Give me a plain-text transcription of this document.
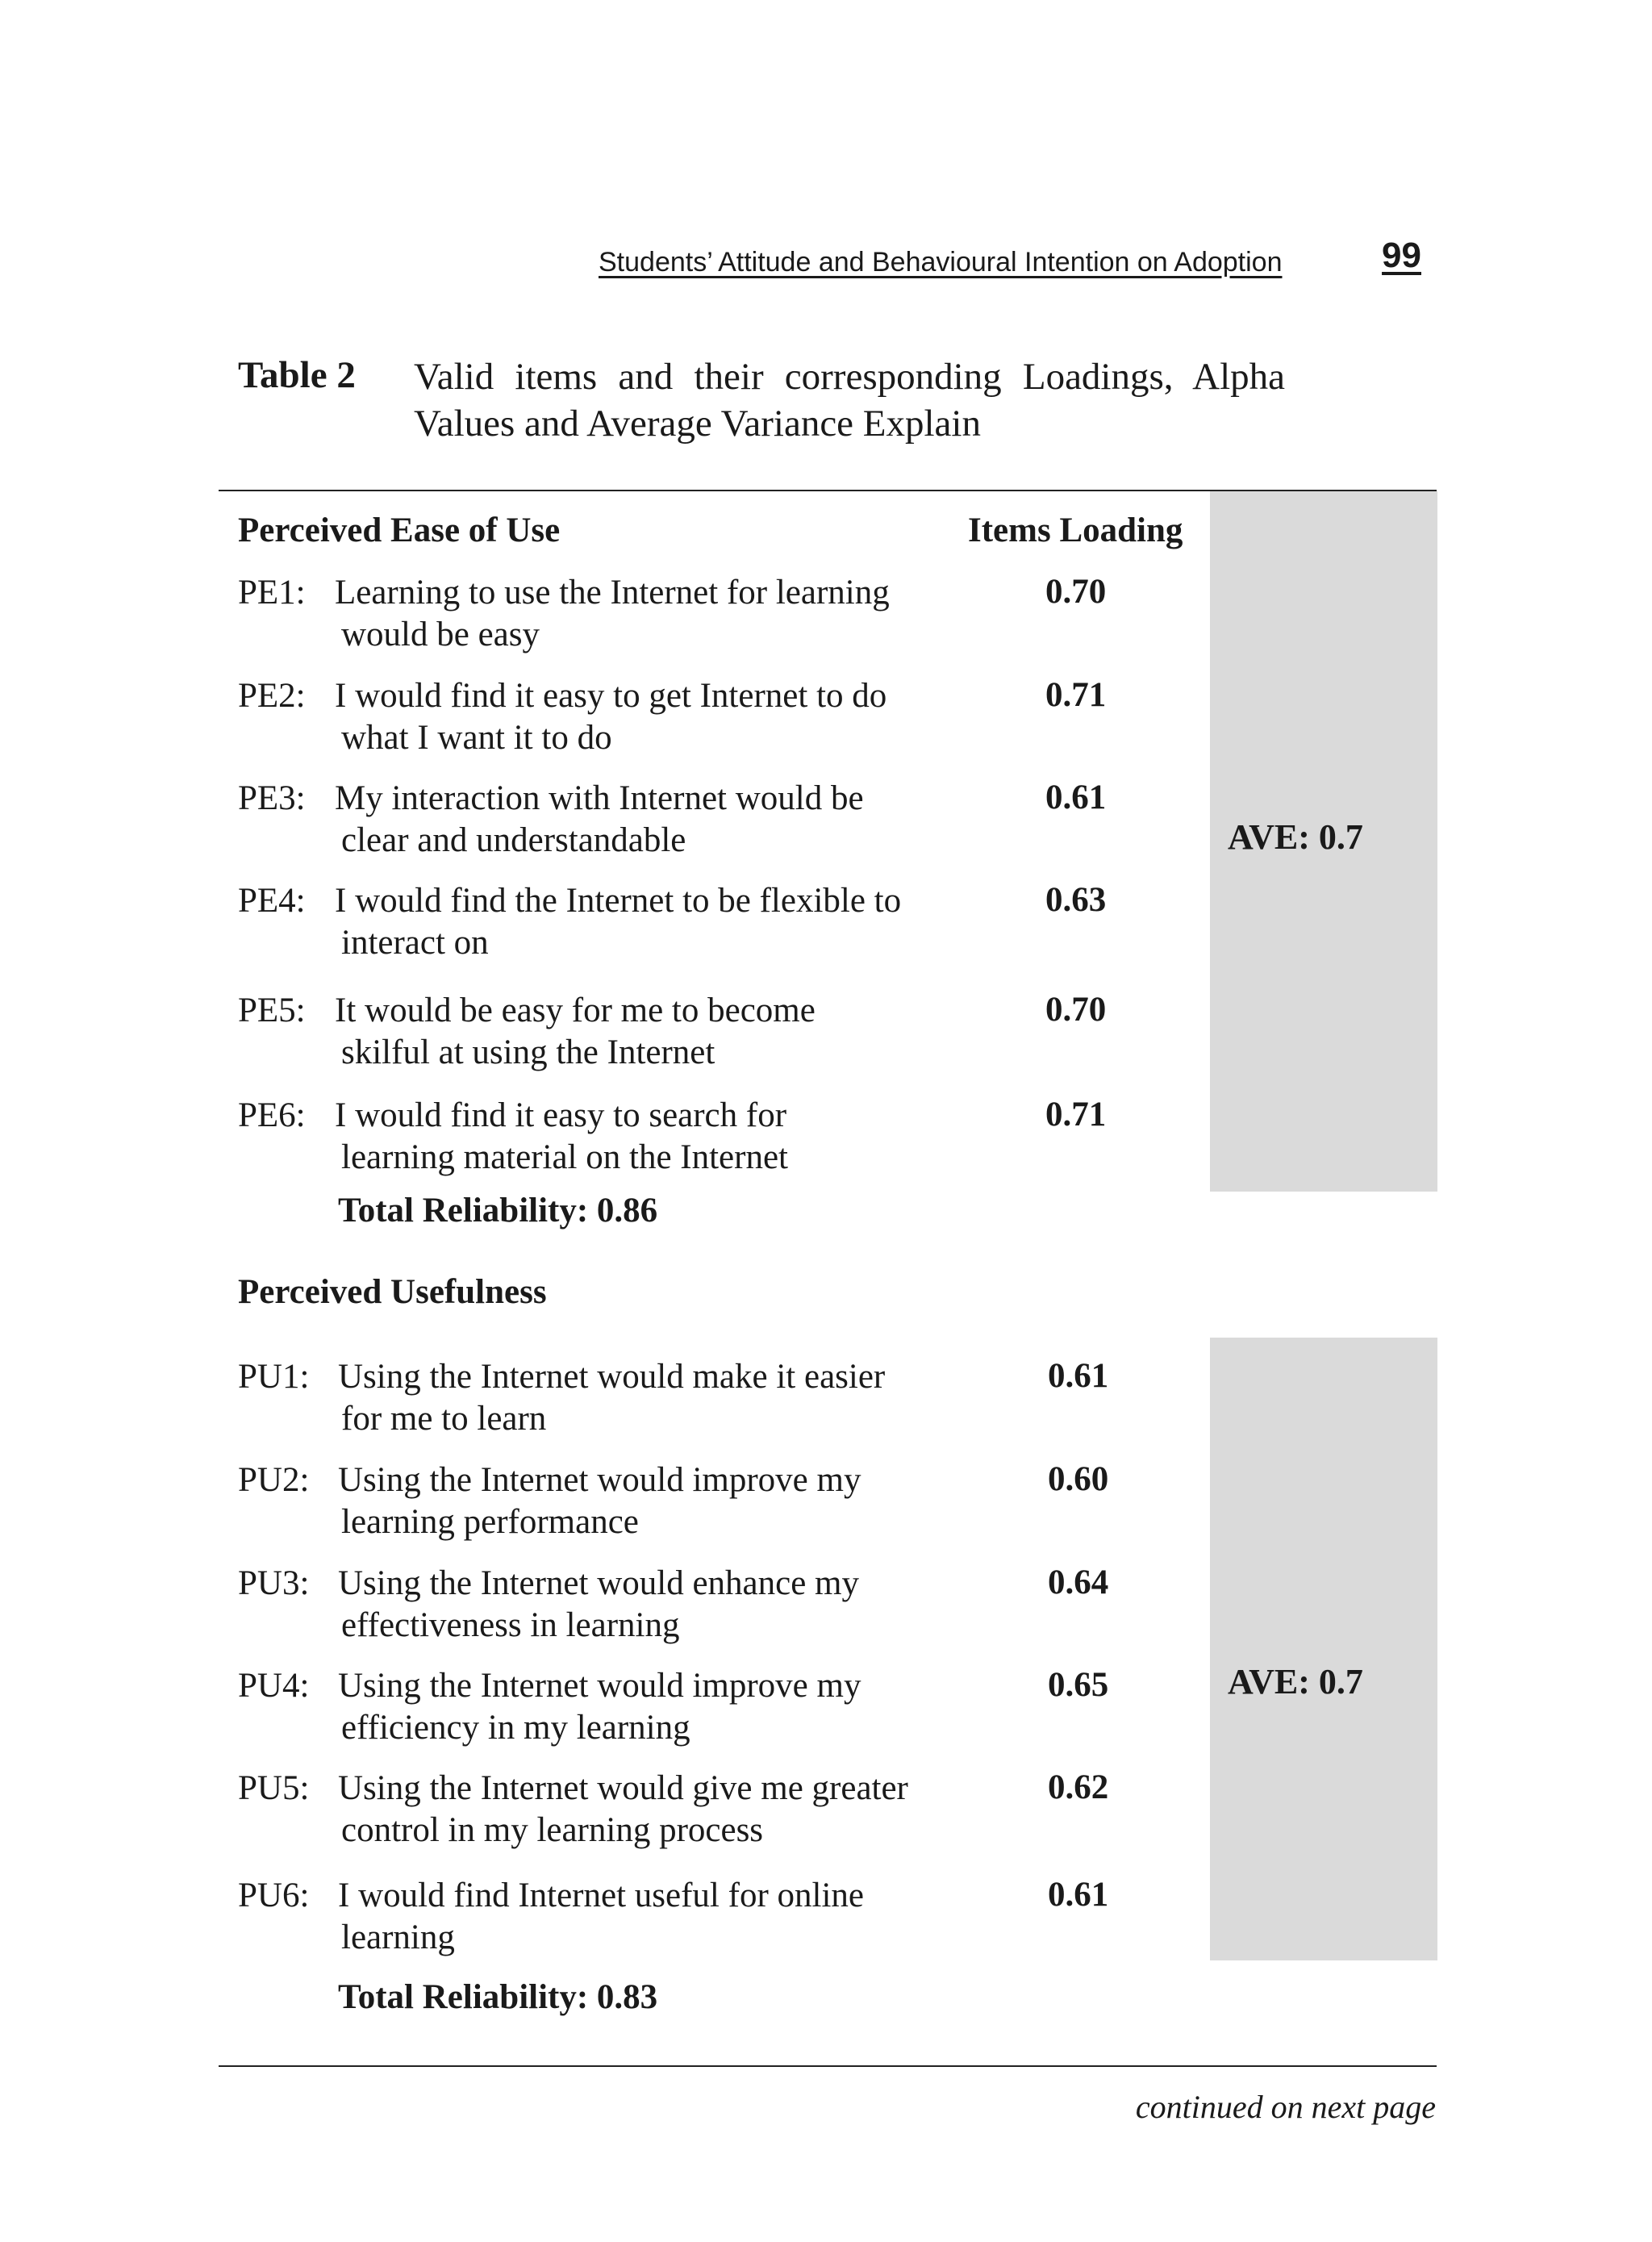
Students’ Attitude and Behavioural Intention on Adoption	99
Table 2 Valid items and their corresponding Loadings, Alpha Values and Average Variance Explain
AVE: 0.7
Perceived Ease of Use	Items Loading
PE1: Learning to use the Internet for learning
would be easy
0.70
PE2: I would find it easy to get Internet to do
what I want it to do
0.71
PE3: My interaction with Internet would be
clear and understandable
0.61
PE4: I would find the Internet to be flexible to
interact on
0.63
PE5: It would be easy for me to become
skilful at using the Internet
0.70
PE6: I would find it easy to search for
learning material on the Internet
0.71
Total Reliability: 0.86
Perceived Usefulness
AVE: 0.7
PU1: Using the Internet would make it easier
for me to learn
0.61
PU2: Using the Internet would improve my
learning performance
0.60
PU3: Using the Internet would enhance my
effectiveness in learning
0.64
PU4: Using the Internet would improve my
efficiency in my learning
0.65
PU5: Using the Internet would give me greater
control in my learning process
0.62
PU6: I would find Internet useful for online
learning
0.61
Total Reliability: 0.83
continued on next page
